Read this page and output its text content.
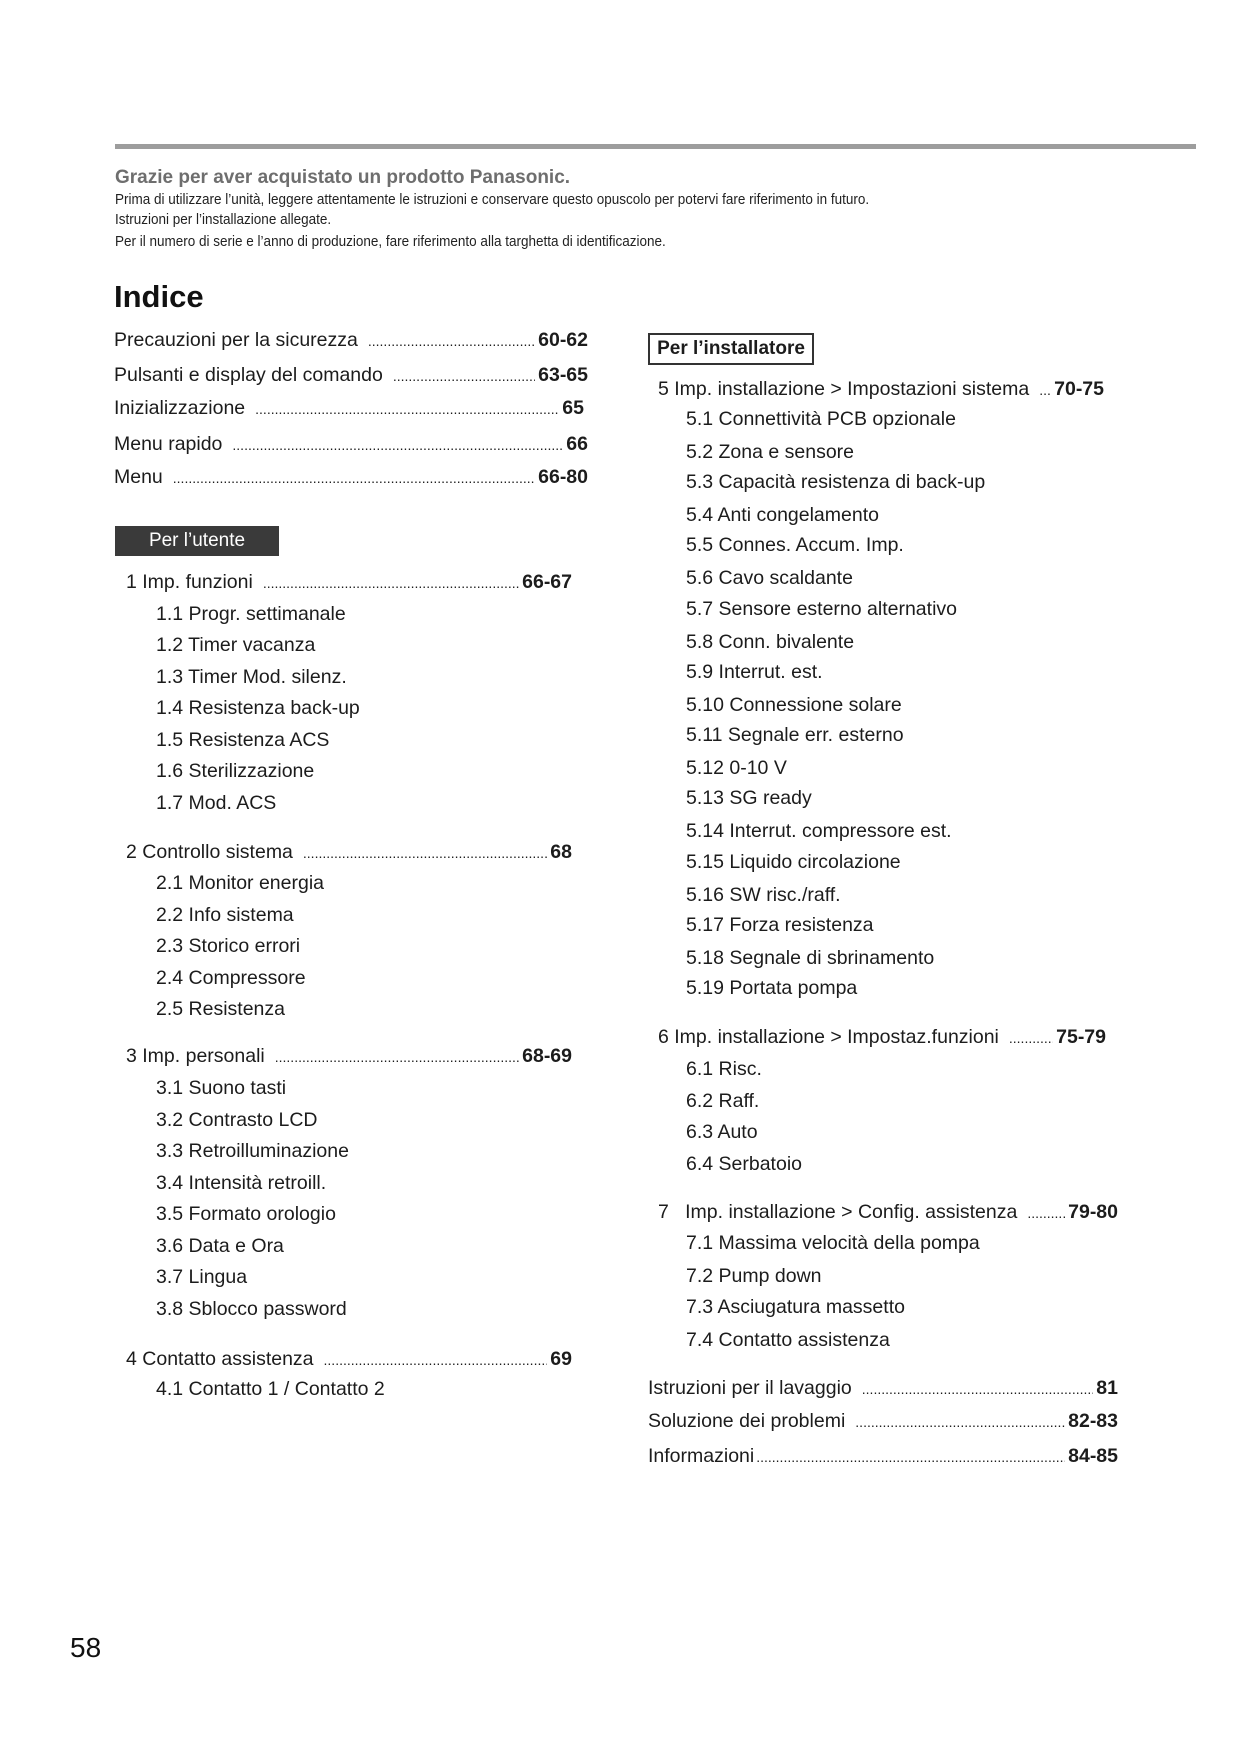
Grazie per aver acquistato un prodotto Panasonic.
Prima di utilizzare l’unità, leggere attentamente le istruzioni e conservare questo opuscolo per potervi fare riferimento in futuro.
Istruzioni per l’installazione allegate.
Per il numero di serie e l’anno di produzione, fare riferimento alla targhetta di identificazione.
Indice
Precauzioni per la sicurezza .....	60-62
Pulsanti e display del comando .....	63-65
Inizializzazione .....	65
Menu rapido .....	66
Menu .....	66-80
Per l’utente
1 Imp. funzioni .....	66-67
1.1 Progr. settimanale
1.2 Timer vacanza
1.3 Timer Mod. silenz.
1.4 Resistenza back-up
1.5 Resistenza ACS
1.6 Sterilizzazione
1.7 Mod. ACS
2 Controllo sistema .....	68
2.1 Monitor energia
2.2 Info sistema
2.3 Storico errori
2.4 Compressore
2.5 Resistenza
3 Imp. personali .....	68-69
3.1 Suono tasti
3.2 Contrasto LCD
3.3 Retroilluminazione
3.4 Intensità retroill.
3.5 Formato orologio
3.6 Data e Ora
3.7 Lingua
3.8 Sblocco password
4 Contatto assistenza .....	69
4.1 Contatto 1 / Contatto 2
Per l’installatore
5 Imp. installazione > Impostazioni sistema ..... 70-75
5.1 Connettività PCB opzionale
5.2 Zona e sensore
5.3 Capacità resistenza di back-up
5.4 Anti congelamento
5.5 Connes. Accum. Imp.
5.6 Cavo scaldante
5.7 Sensore esterno alternativo
5.8 Conn. bivalente
5.9 Interrut. est.
5.10 Connessione solare
5.11 Segnale err. esterno
5.12 0-10 V
5.13 SG ready
5.14 Interrut. compressore est.
5.15 Liquido circolazione
5.16 SW risc./raff.
5.17 Forza resistenza
5.18 Segnale di sbrinamento
5.19 Portata pompa
6 Imp. installazione > Impostaz.funzioni .....	75-79
6.1 Risc.
6.2 Raff.
6.3 Auto
6.4 Serbatoio
7   Imp. installazione > Config. assistenza .....	79-80
7.1 Massima velocità della pompa
7.2 Pump down
7.3 Asciugatura massetto
7.4 Contatto assistenza
Istruzioni per il lavaggio .....	81
Soluzione dei problemi .....	82-83
Informazioni .....	84-85
58
